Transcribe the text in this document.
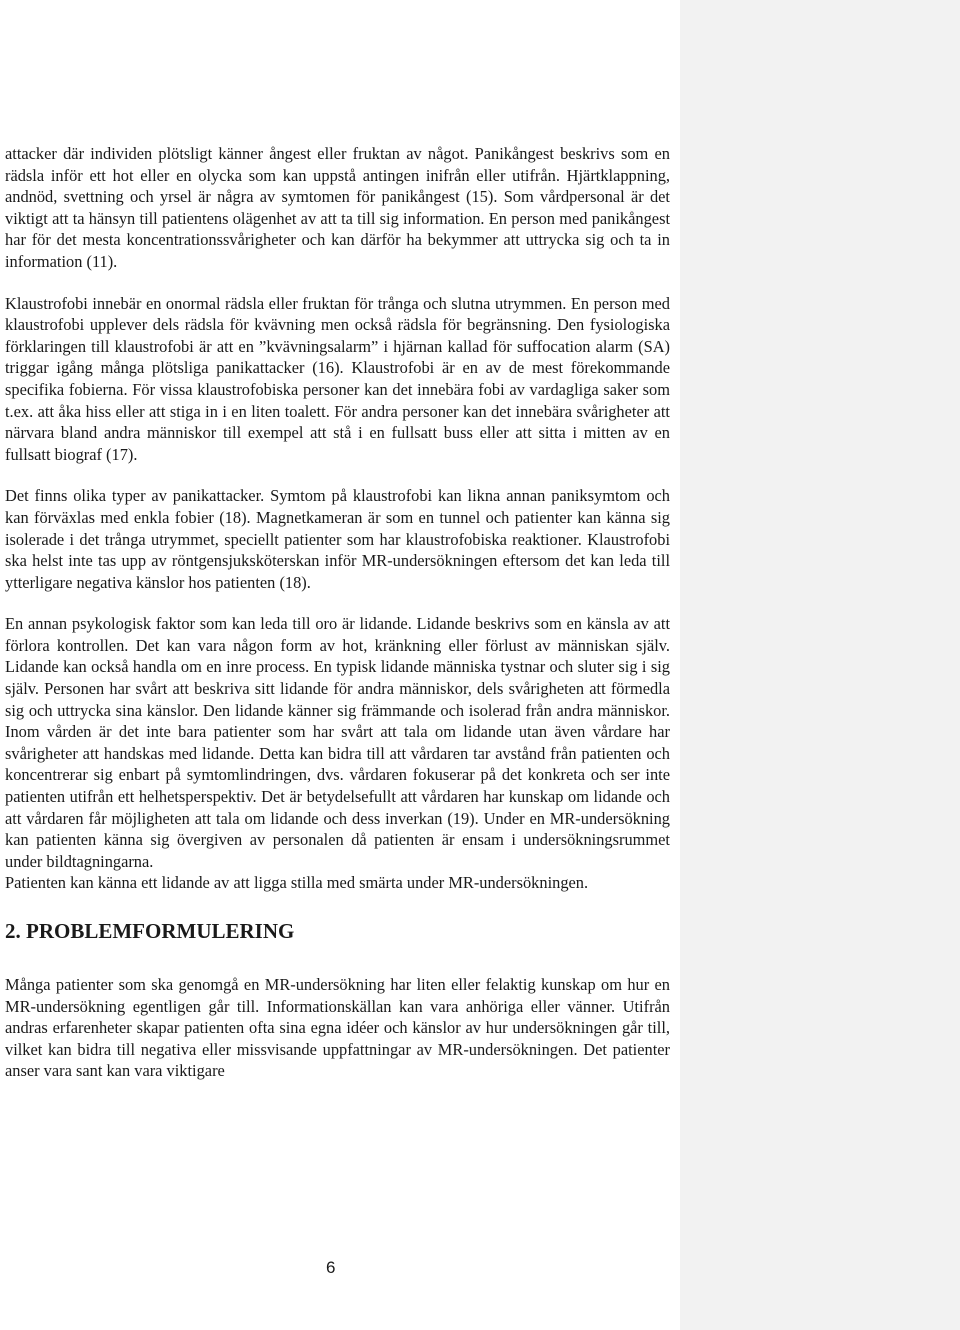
attacker där individen plötsligt känner ångest eller fruktan av något. Panikångest beskrivs som en rädsla inför ett hot eller en olycka som kan uppstå antingen inifrån eller utifrån. Hjärtklappning, andnöd, svettning och yrsel är några av symtomen för panikångest (15). Som vårdpersonal är det viktigt att ta hänsyn till patientens olägenhet av att ta till sig information. En person med panikångest har för det mesta koncentrationssvårigheter och kan därför ha bekymmer att uttrycka sig och ta in information (11).

Klaustrofobi innebär en onormal rädsla eller fruktan för trånga och slutna utrymmen. En person med klaustrofobi upplever dels rädsla för kvävning men också rädsla för begränsning. Den fysiologiska förklaringen till klaustrofobi är att en ”kvävningsalarm” i hjärnan kallad för suffocation alarm (SA) triggar igång många plötsliga panikattacker (16). Klaustrofobi är en av de mest förekommande specifika fobierna. För vissa klaustrofobiska personer kan det innebära fobi av vardagliga saker som t.ex. att åka hiss eller att stiga in i en liten toalett. För andra personer kan det innebära svårigheter att närvara bland andra människor till exempel att stå i en fullsatt buss eller att sitta i mitten av en fullsatt biograf (17).

Det finns olika typer av panikattacker. Symtom på klaustrofobi kan likna annan paniksymtom och kan förväxlas med enkla fobier (18). Magnetkameran är som en tunnel och patienter kan känna sig isolerade i det trånga utrymmet, speciellt patienter som har klaustrofobiska reaktioner. Klaustrofobi ska helst inte tas upp av röntgensjuksköterskan inför MR-undersökningen eftersom det kan leda till ytterligare negativa känslor hos patienten (18).

En annan psykologisk faktor som kan leda till oro är lidande. Lidande beskrivs som en känsla av att förlora kontrollen. Det kan vara någon form av hot, kränkning eller förlust av människan själv. Lidande kan också handla om en inre process. En typisk lidande människa tystnar och sluter sig i sig själv. Personen har svårt att beskriva sitt lidande för andra människor, dels svårigheten att förmedla sig och uttrycka sina känslor. Den lidande känner sig främmande och isolerad från andra människor. Inom vården är det inte bara patienter som har svårt att tala om lidande utan även vårdare har svårigheter att handskas med lidande. Detta kan bidra till att vårdaren tar avstånd från patienten och koncentrerar sig enbart på symtomlindringen, dvs. vårdaren fokuserar på det konkreta och ser inte patienten utifrån ett helhetsperspektiv. Det är betydelsefullt att vårdaren har kunskap om lidande och att vårdaren får möjligheten att tala om lidande och dess inverkan (19). Under en MR-undersökning kan patienten känna sig övergiven av personalen då patienten är ensam i undersökningsrummet under bildtagningarna.

Patienten kan känna ett lidande av att ligga stilla med smärta under MR-undersökningen.

2. PROBLEMFORMULERING

Många patienter som ska genomgå en MR-undersökning har liten eller felaktig kunskap om hur en MR-undersökning egentligen går till. Informationskällan kan vara anhöriga eller vänner. Utifrån andras erfarenheter skapar patienten ofta sina egna idéer och känslor av hur undersökningen går till, vilket kan bidra till negativa eller missvisande uppfattningar av MR-undersökningen. Det patienter anser vara sant kan vara viktigare

6
